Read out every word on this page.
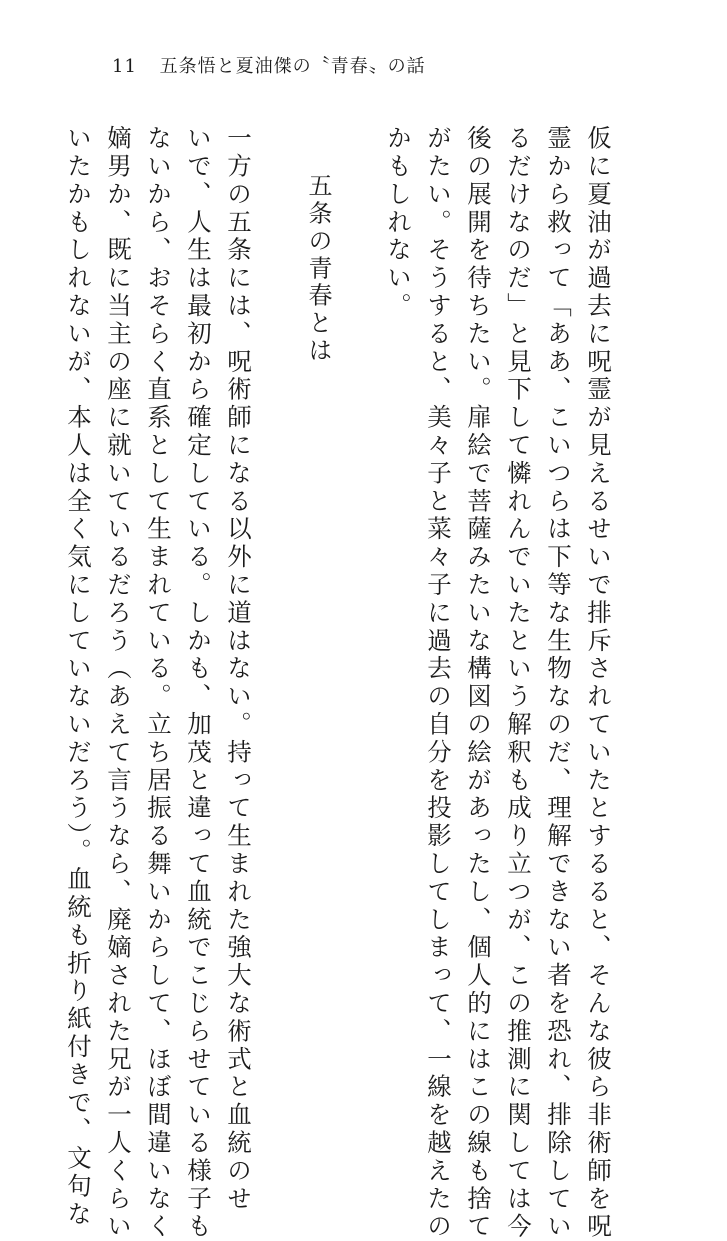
11 五条悟と夏油傑の〝青春〟の話
仮に夏油が過去に呪霊が見えるせいで排斥されていたとするると、そんな彼ら非術師を呪
霊から救って「ああ、こいつらは下等な生物なのだ、理解できない者を恐れ、排除してい
るだけなのだ」と見下して憐れんでいたという解釈も成り立つが、この推測に関しては今
後の展開を待ちたい。扉絵で菩薩みたいな構図の絵があったし、個人的にはこの線も捨て
がたい。そうすると、美々子と菜々子に過去の自分を投影してしまって、一線を越えたの
かもしれない。
五条の青春とは
一方の五条には、呪術師になる以外に道はない。持って生まれた強大な術式と血統のせ
いで、人生は最初から確定している。しかも、加茂と違って血統でこじらせている様子も
ないから、おそらく直系として生まれている。立ち居振る舞いからして、ほぼ間違いなく
嫡男か、既に当主の座に就いているだろう（あえて言うなら、廃嫡された兄が一人くらい
いたかもしれないが、本人は全く気にしていないだろう）。血統も折り紙付きで、文句な
